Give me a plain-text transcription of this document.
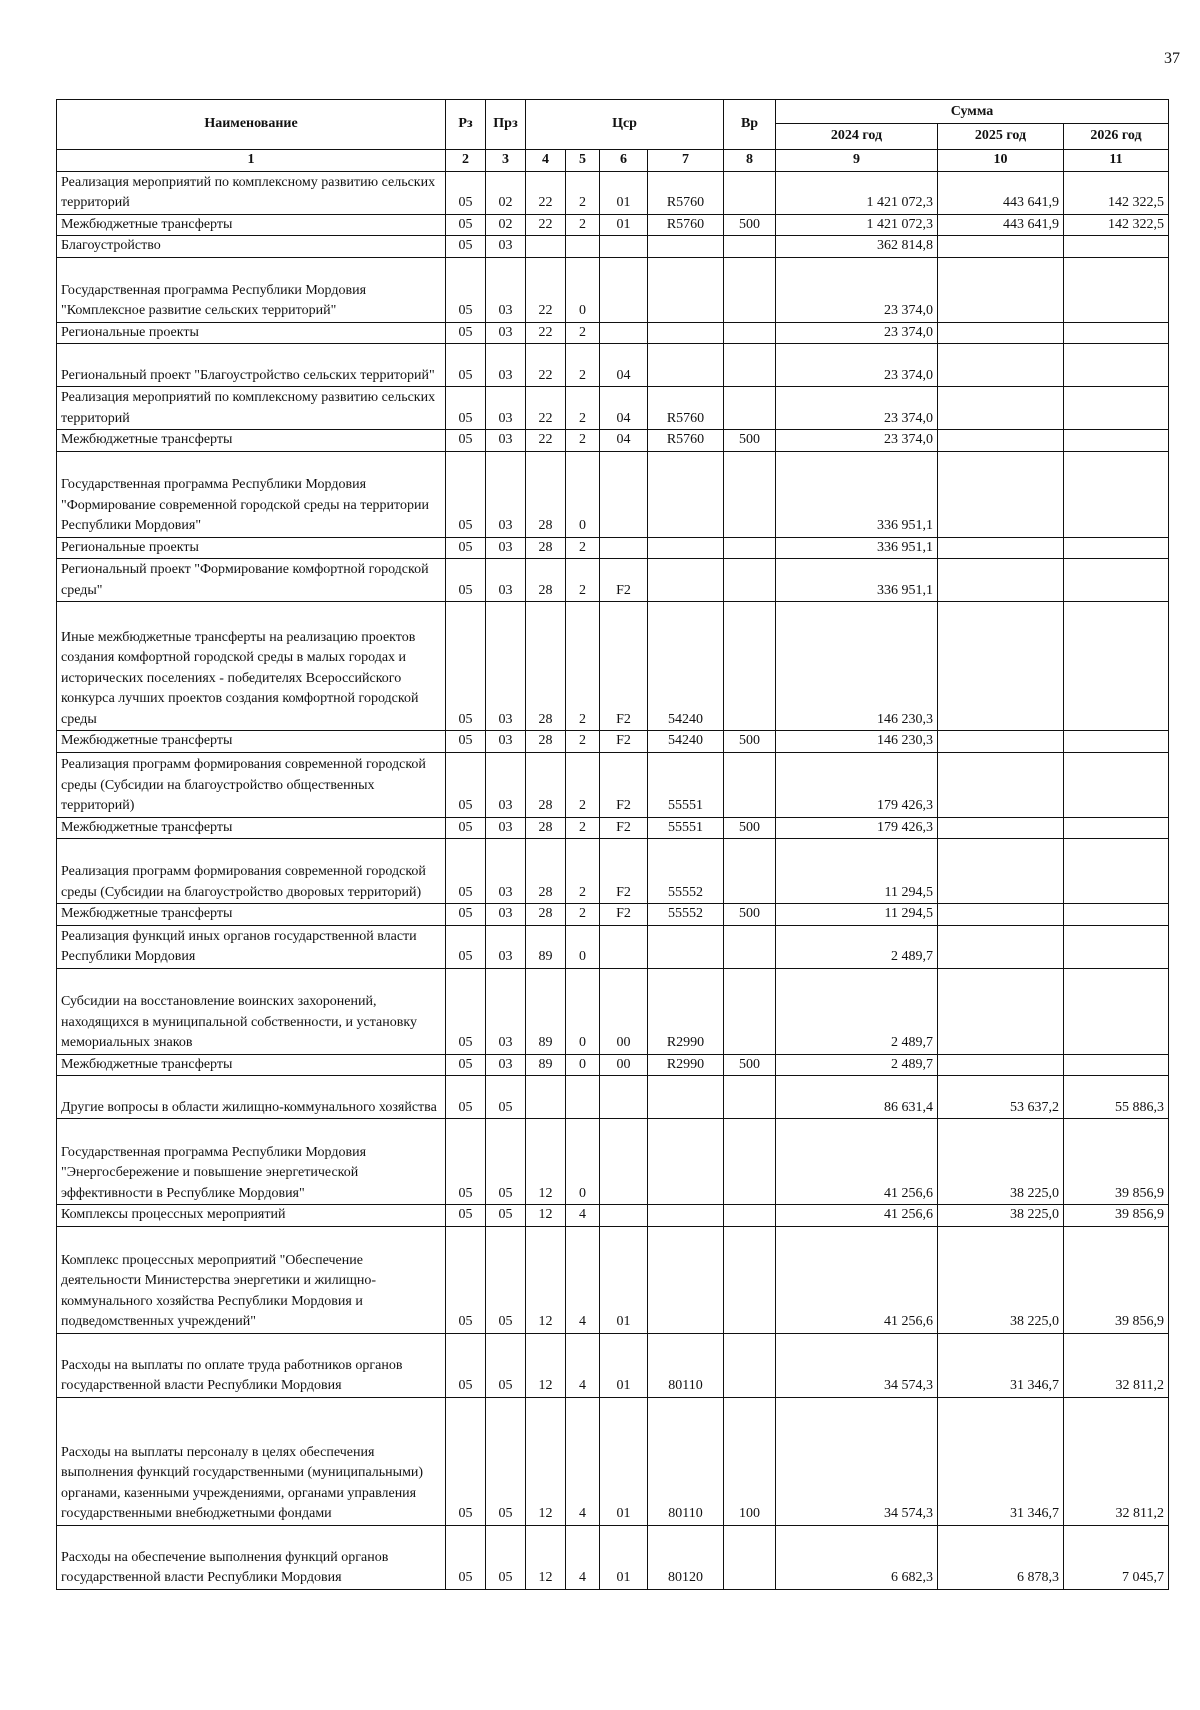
37
Наименование	Рз	Прз	Цср				Вр	Сумма		
								2024 год	2025 год	2026 год
1	2	3	4	5	6	7	8	9	10	11
Реализация мероприятий по комплексному развитию сельских территорий	05	02	22	2	01	R5760		1 421 072,3	443 641,9	142 322,5
Межбюджетные трансферты	05	02	22	2	01	R5760	500	1 421 072,3	443 641,9	142 322,5
Благоустройство	05	03						362 814,8		
Государственная программа Республики Мордовия "Комплексное развитие сельских территорий"	05	03	22	0				23 374,0		
Региональные проекты	05	03	22	2				23 374,0		
Региональный проект "Благоустройство сельских территорий"	05	03	22	2	04			23 374,0		
Реализация мероприятий по комплексному развитию сельских территорий	05	03	22	2	04	R5760		23 374,0		
Межбюджетные трансферты	05	03	22	2	04	R5760	500	23 374,0		
Государственная программа Республики Мордовия "Формирование современной городской среды на территории Республики Мордовия"	05	03	28	0				336 951,1		
Региональные проекты	05	03	28	2				336 951,1		
Региональный проект "Формирование комфортной городской среды"	05	03	28	2	F2			336 951,1		
Иные межбюджетные трансферты на реализацию проектов создания комфортной городской среды в малых городах и исторических поселениях - победителях Всероссийского конкурса лучших проектов создания комфортной городской среды	05	03	28	2	F2	54240		146 230,3		
Межбюджетные трансферты	05	03	28	2	F2	54240	500	146 230,3		
Реализация программ формирования современной городской среды (Субсидии на благоустройство общественных территорий)	05	03	28	2	F2	55551		179 426,3		
Межбюджетные трансферты	05	03	28	2	F2	55551	500	179 426,3		
Реализация программ формирования современной городской среды (Субсидии на благоустройство дворовых территорий)	05	03	28	2	F2	55552		11 294,5		
Межбюджетные трансферты	05	03	28	2	F2	55552	500	11 294,5		
Реализация функций иных органов государственной власти Республики Мордовия	05	03	89	0				2 489,7		
Субсидии на восстановление воинских захоронений, находящихся в муниципальной собственности, и установку мемориальных знаков	05	03	89	0	00	R2990		2 489,7		
Межбюджетные трансферты	05	03	89	0	00	R2990	500	2 489,7		
Другие вопросы в области жилищно-коммунального хозяйства	05	05						86 631,4	53 637,2	55 886,3
Государственная программа Республики Мордовия "Энергосбережение и повышение энергетической эффективности в Республике Мордовия"	05	05	12	0				41 256,6	38 225,0	39 856,9
Комплексы процессных мероприятий	05	05	12	4				41 256,6	38 225,0	39 856,9
Комплекс процессных мероприятий "Обеспечение деятельности Министерства энергетики и жилищно-коммунального хозяйства Республики Мордовия и подведомственных учреждений"	05	05	12	4	01			41 256,6	38 225,0	39 856,9
Расходы на выплаты по оплате труда работников органов государственной власти Республики Мордовия	05	05	12	4	01	80110		34 574,3	31 346,7	32 811,2
Расходы на выплаты персоналу в целях обеспечения выполнения функций государственными (муниципальными) органами, казенными учреждениями, органами управления государственными внебюджетными фондами	05	05	12	4	01	80110	100	34 574,3	31 346,7	32 811,2
Расходы на обеспечение выполнения функций органов государственной власти Республики Мордовия	05	05	12	4	01	80120		6 682,3	6 878,3	7 045,7
